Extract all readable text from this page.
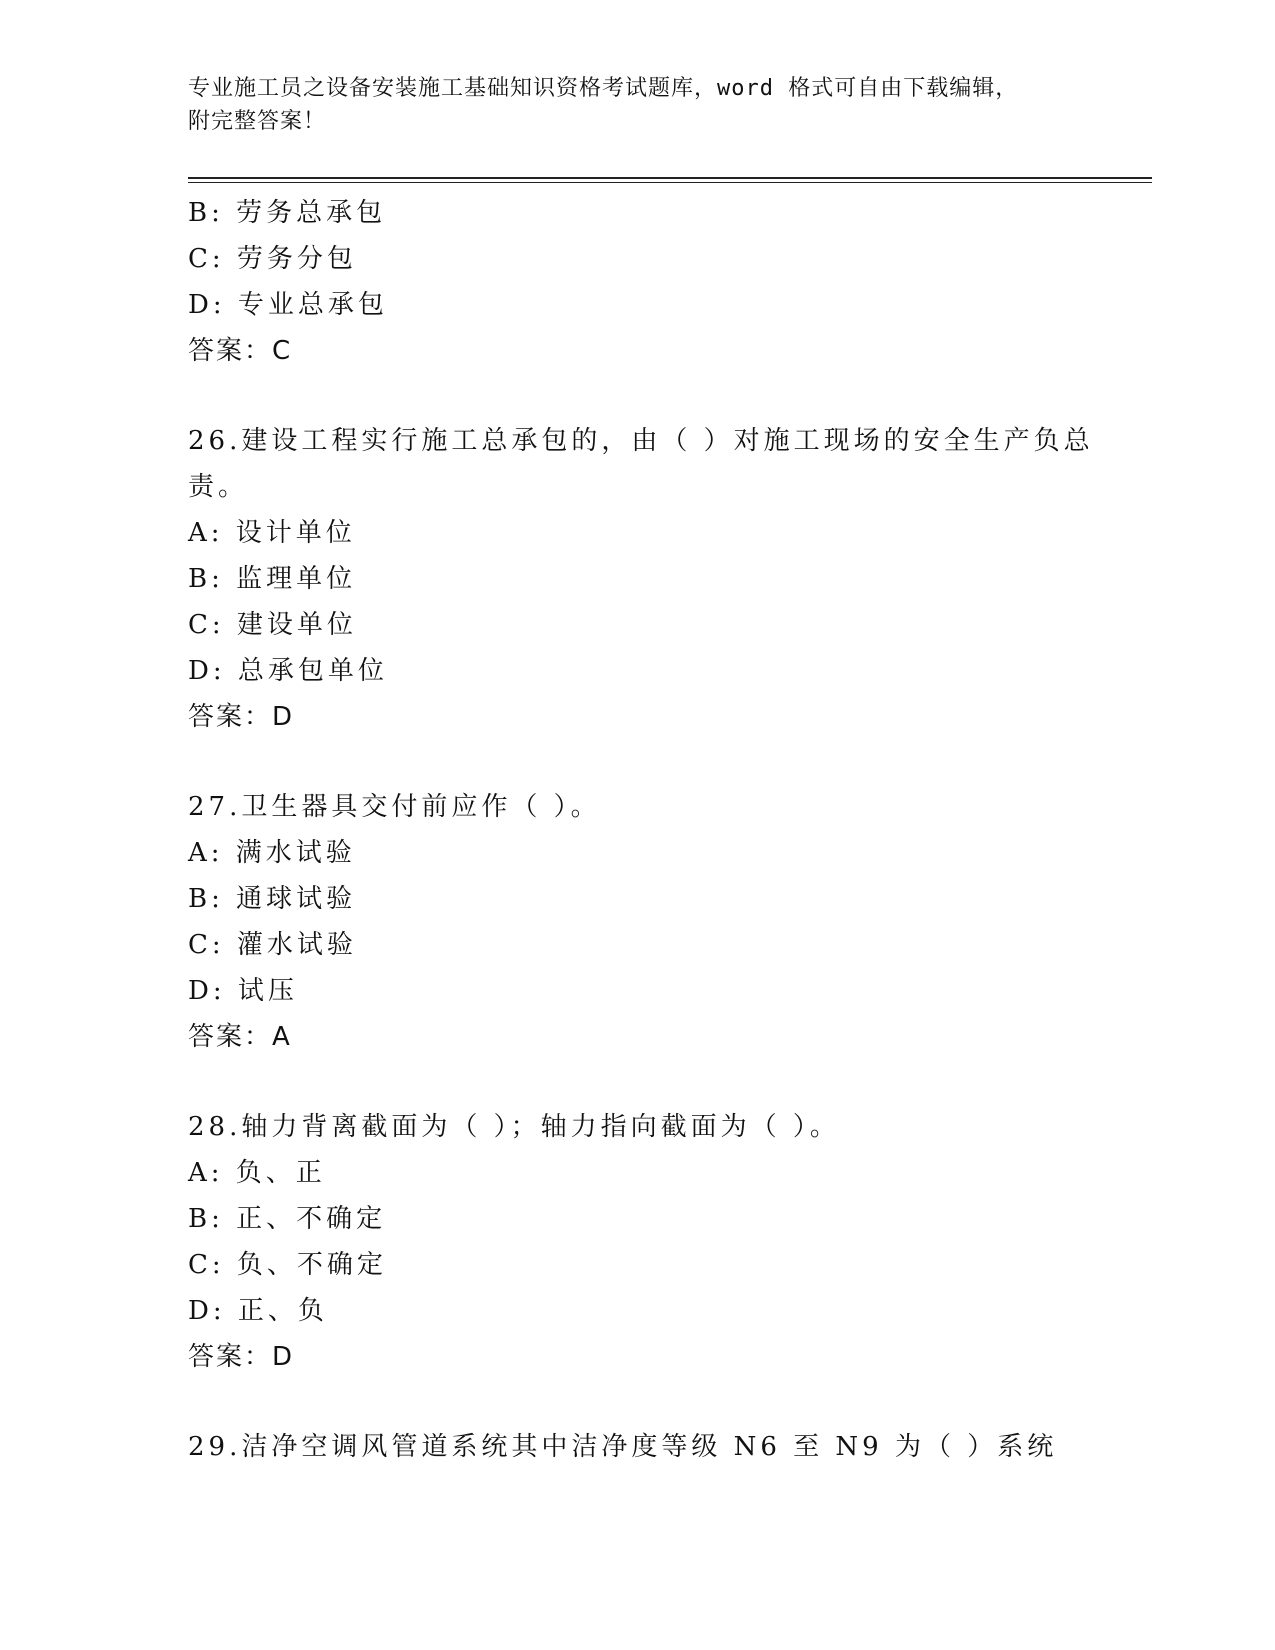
专业施工员之设备安装施工基础知识资格考试题库，word 格式可自由下载编辑，
附完整答案！
B: 劳务总承包
C: 劳务分包
D: 专业总承包
答案：C
26.建设工程实行施工总承包的，由（ ）对施工现场的安全生产负总责。
A: 设计单位
B: 监理单位
C: 建设单位
D: 总承包单位
答案：D
27.卫生器具交付前应作（ ）。
A: 满水试验
B: 通球试验
C: 灌水试验
D: 试压
答案：A
28.轴力背离截面为（ ）；轴力指向截面为（ ）。
A: 负、正
B: 正、不确定
C: 负、不确定
D: 正、负
答案：D
29.洁净空调风管道系统其中洁净度等级 N6 至 N9 为（ ）系统
